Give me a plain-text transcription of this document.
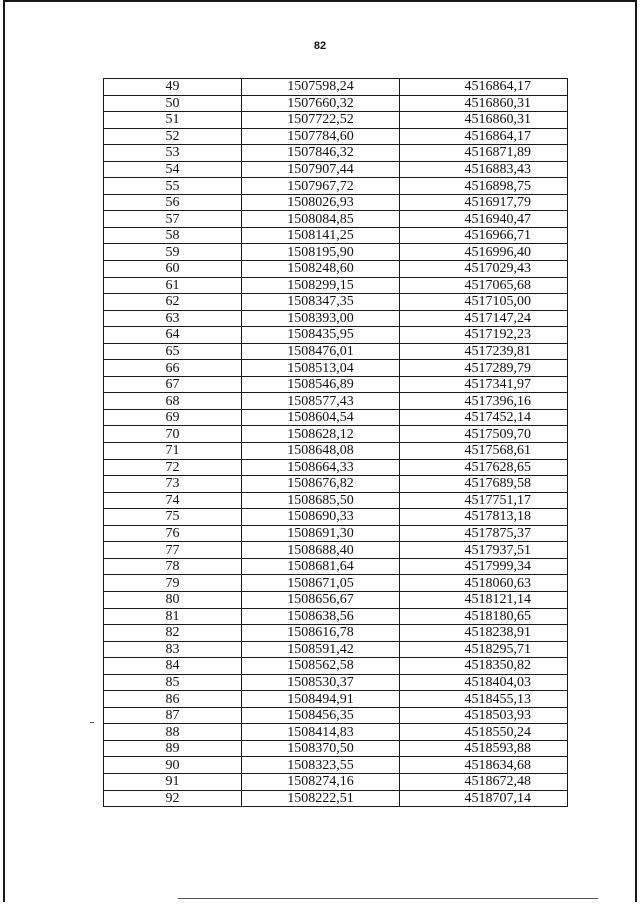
82
49	1507598,24	4516864,17
50	1507660,32	4516860,31
51	1507722,52	4516860,31
52	1507784,60	4516864,17
53	1507846,32	4516871,89
54	1507907,44	4516883,43
55	1507967,72	4516898,75
56	1508026,93	4516917,79
57	1508084,85	4516940,47
58	1508141,25	4516966,71
59	1508195,90	4516996,40
60	1508248,60	4517029,43
61	1508299,15	4517065,68
62	1508347,35	4517105,00
63	1508393,00	4517147,24
64	1508435,95	4517192,23
65	1508476,01	4517239,81
66	1508513,04	4517289,79
67	1508546,89	4517341,97
68	1508577,43	4517396,16
69	1508604,54	4517452,14
70	1508628,12	4517509,70
71	1508648,08	4517568,61
72	1508664,33	4517628,65
73	1508676,82	4517689,58
74	1508685,50	4517751,17
75	1508690,33	4517813,18
76	1508691,30	4517875,37
77	1508688,40	4517937,51
78	1508681,64	4517999,34
79	1508671,05	4518060,63
80	1508656,67	4518121,14
81	1508638,56	4518180,65
82	1508616,78	4518238,91
83	1508591,42	4518295,71
84	1508562,58	4518350,82
85	1508530,37	4518404,03
86	1508494,91	4518455,13
87	1508456,35	4518503,93
88	1508414,83	4518550,24
89	1508370,50	4518593,88
90	1508323,55	4518634,68
91	1508274,16	4518672,48
92	1508222,51	4518707,14
